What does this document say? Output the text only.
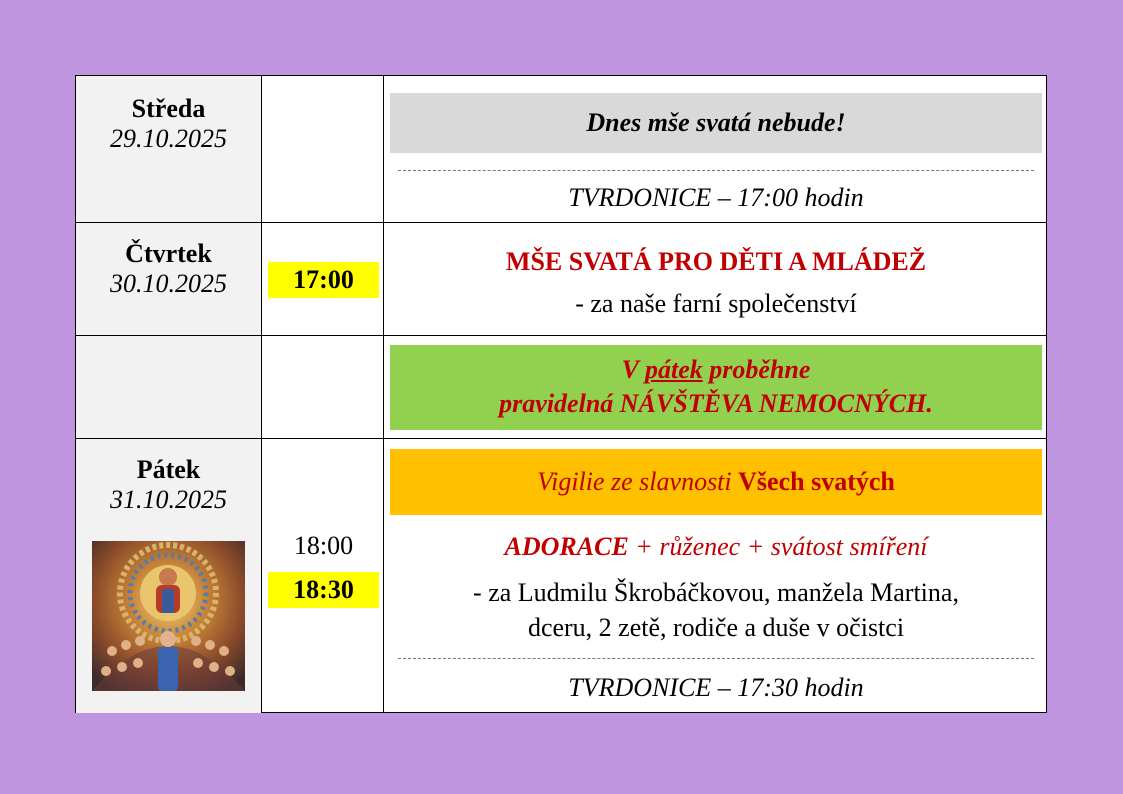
Středa
29.10.2025
Čtvrtek
30.10.2025
Pátek
31.10.2025
Dnes mše svatá nebude!
TVRDONICE – 17:00 hodin
17:00
MŠE SVATÁ PRO DĚTI A MLÁDEŽ
- za naše farní společenství
V pátek proběhne
pravidelná NÁVŠTĚVA NEMOCNÝCH.
18:00
18:30
Vigilie ze slavnosti Všech svatých
ADORACE + růženec + svátost smíření
- za Ludmilu Škrobáčkovou, manžela Martina,
dceru, 2 zetě, rodiče a duše v očistci
TVRDONICE – 17:30 hodin
